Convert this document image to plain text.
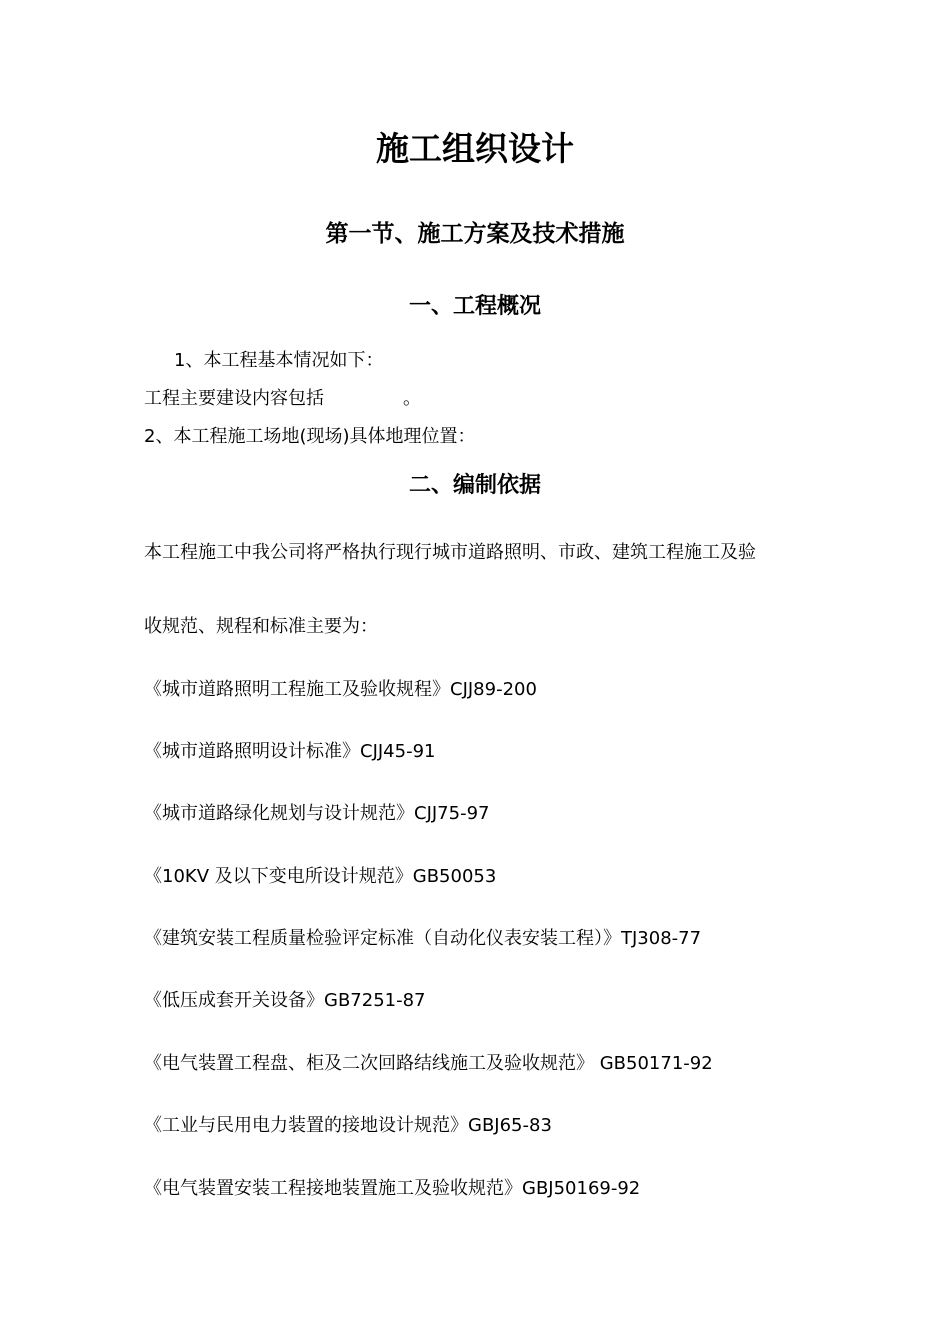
施工组织设计
第一节、施工方案及技术措施
一、工程概况
1、本工程基本情况如下：
工程主要建设内容包括	。
2、本工程施工场地(现场)具体地理位置：
二、编制依据
本工程施工中我公司将严格执行现行城市道路照明、市政、建筑工程施工及验
收规范、规程和标准主要为：
《城市道路照明工程施工及验收规程》CJJ89-200
《城市道路照明设计标准》CJJ45-91
《城市道路绿化规划与设计规范》CJJ75-97
《10KV 及以下变电所设计规范》GB50053
《建筑安装工程质量检验评定标准（自动化仪表安装工程）》TJ308-77
《低压成套开关设备》GB7251-87
《电气装置工程盘、柜及二次回路结线施工及验收规范》 GB50171-92
《工业与民用电力装置的接地设计规范》GBJ65-83
《电气装置安装工程接地装置施工及验收规范》GBJ50169-92
